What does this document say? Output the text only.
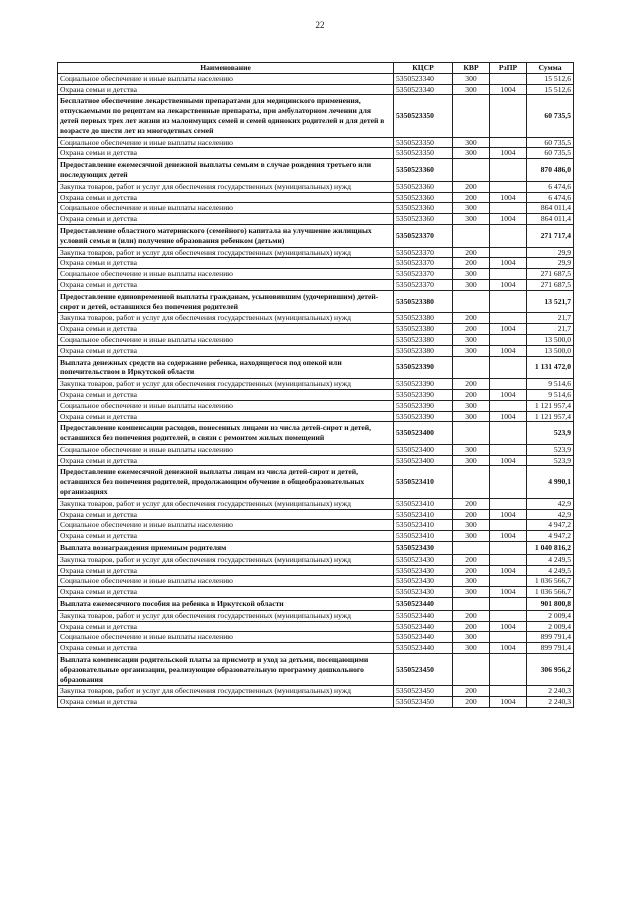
22
Наименование	КЦСР	КВР	РзПР	Сумма
Социальное обеспечение и иные выплаты населению	5350523340	300		15 512,6
Охрана семьи и детства	5350523340	300	1004	15 512,6
Бесплатное обеспечение лекарственными препаратами для медицинского применения, отпускаемыми по рецептам на лекарственные препараты, при амбулаторном лечении для детей первых трех лет жизни из малоимущих семей и семей одиноких родителей и для детей в возрасте до шести лет из многодетных семей	5350523350			60 735,5
Социальное обеспечение и иные выплаты населению	5350523350	300		60 735,5
Охрана семьи и детства	5350523350	300	1004	60 735,5
Предоставление ежемесячной денежной выплаты семьям в случае рождения третьего или последующих детей	5350523360			870 486,0
Закупка товаров, работ и услуг для обеспечения государственных (муниципальных) нужд	5350523360	200		6 474,6
Охрана семьи и детства	5350523360	200	1004	6 474,6
Социальное обеспечение и иные выплаты населению	5350523360	300		864 011,4
Охрана семьи и детства	5350523360	300	1004	864 011,4
Предоставление областного материнского (семейного) капитала на улучшение жилищных условий семьи и (или) получение образования ребенком (детьми)	5350523370			271 717,4
Закупка товаров, работ и услуг для обеспечения государственных (муниципальных) нужд	5350523370	200		29,9
Охрана семьи и детства	5350523370	200	1004	29,9
Социальное обеспечение и иные выплаты населению	5350523370	300		271 687,5
Охрана семьи и детства	5350523370	300	1004	271 687,5
Предоставление единовременной выплаты гражданам, усыновившим (удочерившим) детей-сирот и детей, оставшихся без попечения родителей	5350523380			13 521,7
Закупка товаров, работ и услуг для обеспечения государственных (муниципальных) нужд	5350523380	200		21,7
Охрана семьи и детства	5350523380	200	1004	21,7
Социальное обеспечение и иные выплаты населению	5350523380	300		13 500,0
Охрана семьи и детства	5350523380	300	1004	13 500,0
Выплата денежных средств на содержание ребенка, находящегося под опекой или попечительством в Иркутской области	5350523390			1 131 472,0
Закупка товаров, работ и услуг для обеспечения государственных (муниципальных) нужд	5350523390	200		9 514,6
Охрана семьи и детства	5350523390	200	1004	9 514,6
Социальное обеспечение и иные выплаты населению	5350523390	300		1 121 957,4
Охрана семьи и детства	5350523390	300	1004	1 121 957,4
Предоставление компенсации расходов, понесенных лицами из числа детей-сирот и детей, оставшихся без попечения родителей, в связи с ремонтом жилых помещений	5350523400			523,9
Социальное обеспечение и иные выплаты населению	5350523400	300		523,9
Охрана семьи и детства	5350523400	300	1004	523,9
Предоставление ежемесячной денежной выплаты лицам из числа детей-сирот и детей, оставшихся без попечения родителей, продолжающим обучение в общеобразовательных организациях	5350523410			4 990,1
Закупка товаров, работ и услуг для обеспечения государственных (муниципальных) нужд	5350523410	200		42,9
Охрана семьи и детства	5350523410	200	1004	42,9
Социальное обеспечение и иные выплаты населению	5350523410	300		4 947,2
Охрана семьи и детства	5350523410	300	1004	4 947,2
Выплата вознаграждения приемным родителям	5350523430			1 040 816,2
Закупка товаров, работ и услуг для обеспечения государственных (муниципальных) нужд	5350523430	200		4 249,5
Охрана семьи и детства	5350523430	200	1004	4 249,5
Социальное обеспечение и иные выплаты населению	5350523430	300		1 036 566,7
Охрана семьи и детства	5350523430	300	1004	1 036 566,7
Выплата ежемесячного пособия на ребенка в Иркутской области	5350523440			901 800,8
Закупка товаров, работ и услуг для обеспечения государственных (муниципальных) нужд	5350523440	200		2 009,4
Охрана семьи и детства	5350523440	200	1004	2 009,4
Социальное обеспечение и иные выплаты населению	5350523440	300		899 791,4
Охрана семьи и детства	5350523440	300	1004	899 791,4
Выплата компенсации родительской платы за присмотр и уход за детьми, посещающими образовательные организации, реализующие образовательную программу дошкольного образования	5350523450			306 956,2
Закупка товаров, работ и услуг для обеспечения государственных (муниципальных) нужд	5350523450	200		2 240,3
Охрана семьи и детства	5350523450	200	1004	2 240,3
